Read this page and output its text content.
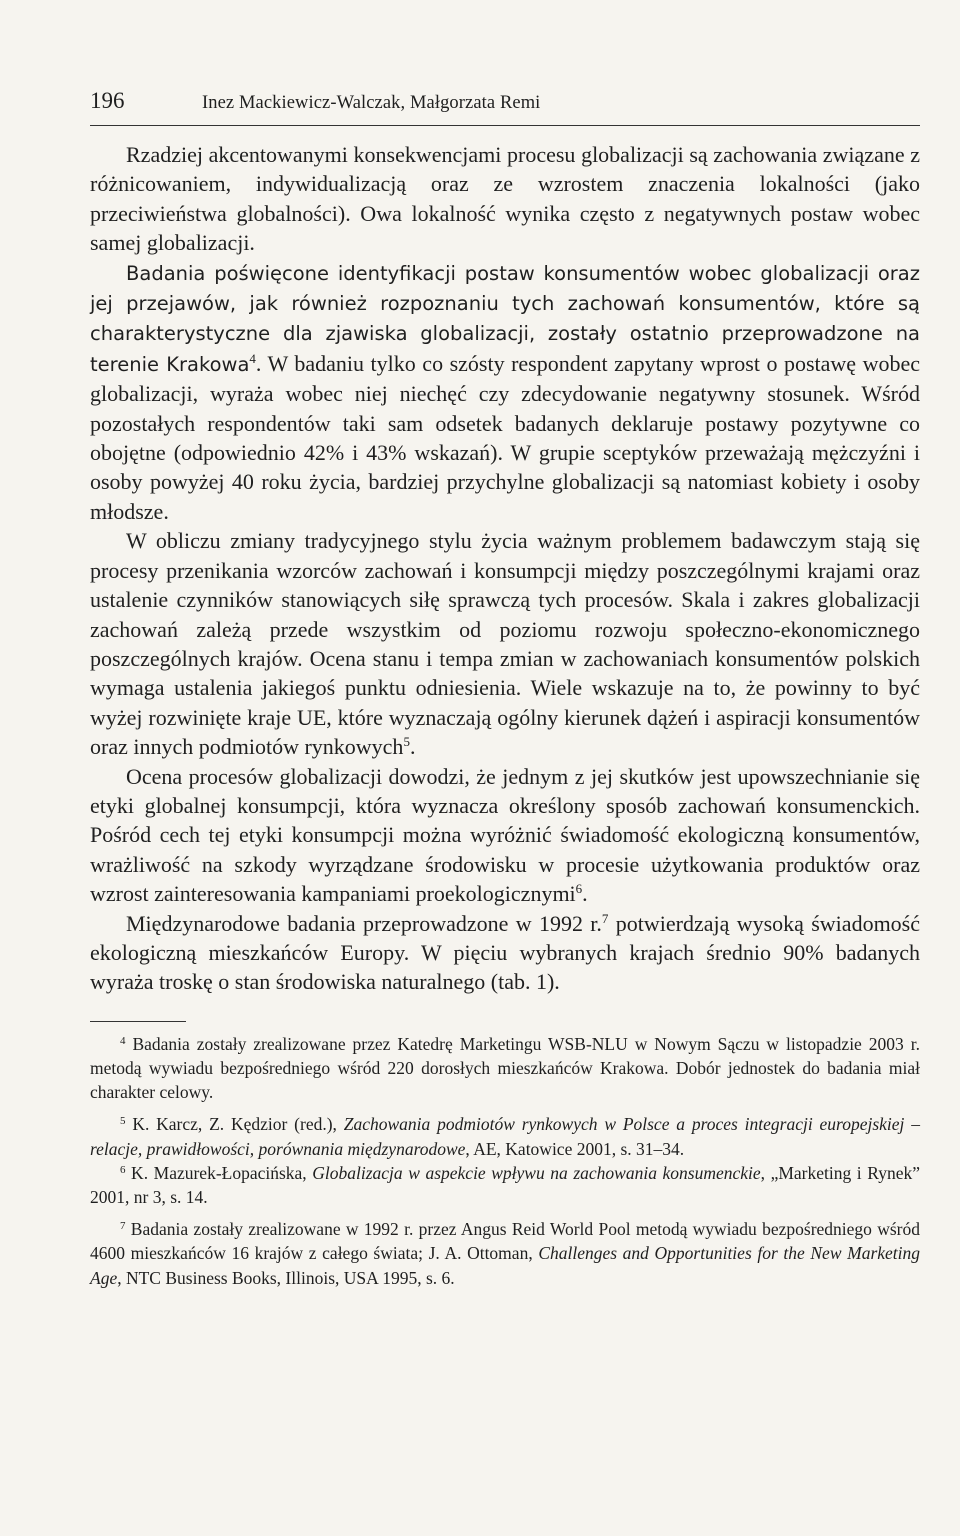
196	Inez Mackiewicz-Walczak, Małgorzata Remi

Rzadziej akcentowanymi konsekwencjami procesu globalizacji są zachowania związane z różnicowaniem, indywidualizacją oraz ze wzrostem znaczenia lokalności (jako przeciwieństwa globalności). Owa lokalność wynika często z negatywnych postaw wobec samej globalizacji.

Badania poświęcone identyfikacji postaw konsumentów wobec globalizacji oraz jej przejawów, jak również rozpoznaniu tych zachowań konsumentów, które są charakterystyczne dla zjawiska globalizacji, zostały ostatnio przeprowadzone na terenie Krakowa$^4$. W badaniu tylko co szósty respondent zapytany wprost o postawę wobec globalizacji, wyraża wobec niej niechęć czy zdecydowanie negatywny stosunek. Wśród pozostałych respondentów taki sam odsetek badanych deklaruje postawy pozytywne co obojętne (odpowiednio 42% i 43% wskazań). W grupie sceptyków przeważają mężczyźni i osoby powyżej 40 roku życia, bardziej przychylne globalizacji są natomiast kobiety i osoby młodsze.

W obliczu zmiany tradycyjnego stylu życia ważnym problemem badawczym stają się procesy przenikania wzorców zachowań i konsumpcji między poszczególnymi krajami oraz ustalenie czynników stanowiących siłę sprawczą tych procesów. Skala i zakres globalizacji zachowań zależą przede wszystkim od poziomu rozwoju społeczno-ekonomicznego poszczególnych krajów. Ocena stanu i tempa zmian w zachowaniach konsumentów polskich wymaga ustalenia jakiegoś punktu odniesienia. Wiele wskazuje na to, że powinny to być wyżej rozwinięte kraje UE, które wyznaczają ogólny kierunek dążeń i aspiracji konsumentów oraz innych podmiotów rynkowych$^5$.

Ocena procesów globalizacji dowodzi, że jednym z jej skutków jest upowszechnianie się etyki globalnej konsumpcji, która wyznacza określony sposób zachowań konsumenckich. Pośród cech tej etyki konsumpcji można wyróżnić świadomość ekologiczną konsumentów, wrażliwość na szkody wyrządzane środowisku w procesie użytkowania produktów oraz wzrost zainteresowania kampaniami proekologicznymi$^6$.

Międzynarodowe badania przeprowadzone w 1992 r.$^7$ potwierdzają wysoką świadomość ekologiczną mieszkańców Europy. W pięciu wybranych krajach średnio 90% badanych wyraża troskę o stan środowiska naturalnego (tab. 1).

$^4$ Badania zostały zrealizowane przez Katedrę Marketingu WSB-NLU w Nowym Sączu w listopadzie 2003 r. metodą wywiadu bezpośredniego wśród 220 dorosłych mieszkańców Krakowa. Dobór jednostek do badania miał charakter celowy.

$^5$ K. Karcz, Z. Kędzior (red.), Zachowania podmiotów rynkowych w Polsce a proces integracji europejskiej – relacje, prawidłowości, porównania międzynarodowe, AE, Katowice 2001, s. 31–34.

$^6$ K. Mazurek-Łopacińska, Globalizacja w aspekcie wpływu na zachowania konsumenckie, „Marketing i Rynek” 2001, nr 3, s. 14.

$^7$ Badania zostały zrealizowane w 1992 r. przez Angus Reid World Pool metodą wywiadu bezpośredniego wśród 4600 mieszkańców 16 krajów z całego świata; J. A. Ottoman, Challenges and Opportunities for the New Marketing Age, NTC Business Books, Illinois, USA 1995, s. 6.
